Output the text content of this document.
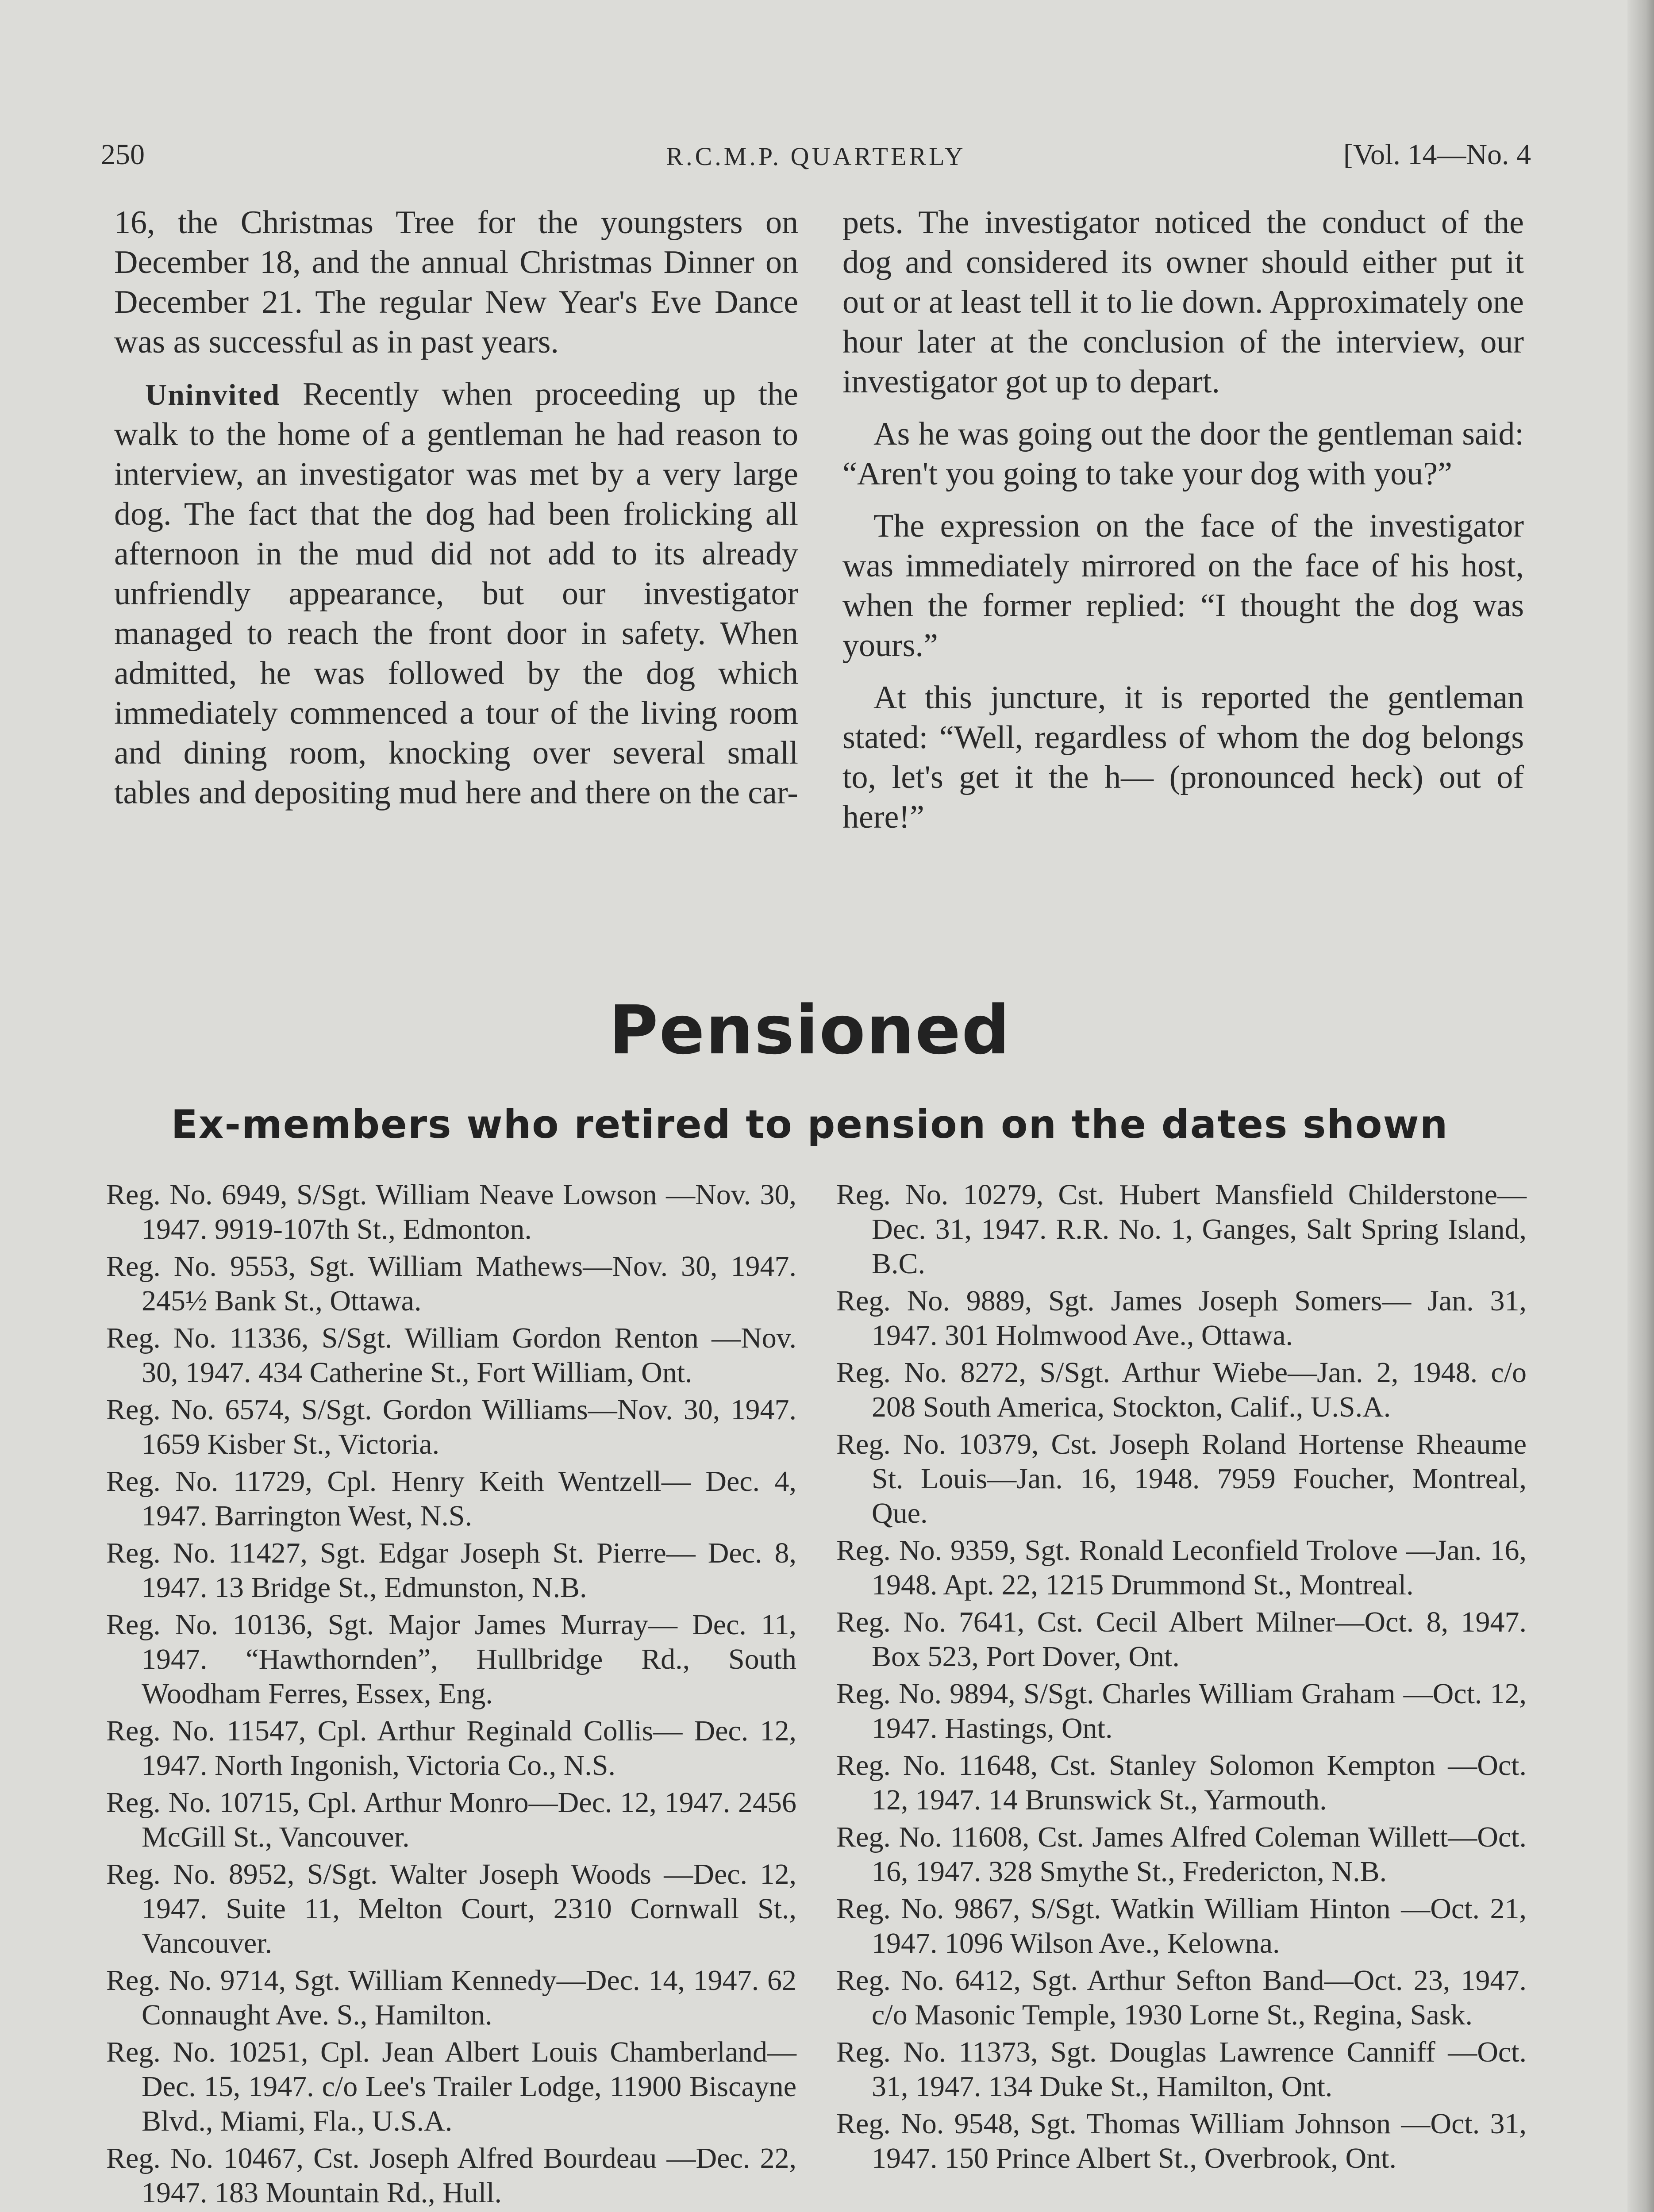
250	R.C.M.P. QUARTERLY	[Vol. 14—No. 4

16, the Christmas Tree for the youngsters on December 18, and the annual Christmas Dinner on December 21. The regular New Year's Eve Dance was as successful as in past years.

Uninvited Recently when proceeding up the walk to the home of a gentleman he had reason to interview, an investigator was met by a very large dog. The fact that the dog had been frolicking all afternoon in the mud did not add to its already unfriendly appearance, but our investigator managed to reach the front door in safety. When admitted, he was followed by the dog which immediately commenced a tour of the living room and dining room, knocking over several small tables and depositing mud here and there on the car-

pets. The investigator noticed the conduct of the dog and considered its owner should either put it out or at least tell it to lie down. Approximately one hour later at the conclusion of the interview, our investigator got up to depart.

As he was going out the door the gentleman said: “Aren't you going to take your dog with you?”

The expression on the face of the investigator was immediately mirrored on the face of his host, when the former replied: “I thought the dog was yours.”

At this juncture, it is reported the gentleman stated: “Well, regardless of whom the dog belongs to, let's get it the h— (pronounced heck) out of here!”

Pensioned
Ex-members who retired to pension on the dates shown
Reg. No. 6949, S/Sgt. William Neave Lowson —Nov. 30, 1947. 9919-107th St., Edmonton.
Reg. No. 9553, Sgt. William Mathews—Nov. 30, 1947. 245½ Bank St., Ottawa.
Reg. No. 11336, S/Sgt. William Gordon Renton —Nov. 30, 1947. 434 Catherine St., Fort William, Ont.
Reg. No. 6574, S/Sgt. Gordon Williams—Nov. 30, 1947. 1659 Kisber St., Victoria.
Reg. No. 11729, Cpl. Henry Keith Wentzell— Dec. 4, 1947. Barrington West, N.S.
Reg. No. 11427, Sgt. Edgar Joseph St. Pierre— Dec. 8, 1947. 13 Bridge St., Edmunston, N.B.
Reg. No. 10136, Sgt. Major James Murray— Dec. 11, 1947. “Hawthornden”, Hullbridge Rd., South Woodham Ferres, Essex, Eng.
Reg. No. 11547, Cpl. Arthur Reginald Collis— Dec. 12, 1947. North Ingonish, Victoria Co., N.S.
Reg. No. 10715, Cpl. Arthur Monro—Dec. 12, 1947. 2456 McGill St., Vancouver.
Reg. No. 8952, S/Sgt. Walter Joseph Woods —Dec. 12, 1947. Suite 11, Melton Court, 2310 Cornwall St., Vancouver.
Reg. No. 9714, Sgt. William Kennedy—Dec. 14, 1947. 62 Connaught Ave. S., Hamilton.
Reg. No. 10251, Cpl. Jean Albert Louis Chamberland—Dec. 15, 1947. c/o Lee's Trailer Lodge, 11900 Biscayne Blvd., Miami, Fla., U.S.A.
Reg. No. 10467, Cst. Joseph Alfred Bourdeau —Dec. 22, 1947. 183 Mountain Rd., Hull.
Reg. No. 10279, Cst. Hubert Mansfield Childerstone—Dec. 31, 1947. R.R. No. 1, Ganges, Salt Spring Island, B.C.
Reg. No. 9889, Sgt. James Joseph Somers— Jan. 31, 1947. 301 Holmwood Ave., Ottawa.
Reg. No. 8272, S/Sgt. Arthur Wiebe—Jan. 2, 1948. c/o 208 South America, Stockton, Calif., U.S.A.
Reg. No. 10379, Cst. Joseph Roland Hortense Rheaume St. Louis—Jan. 16, 1948. 7959 Foucher, Montreal, Que.
Reg. No. 9359, Sgt. Ronald Leconfield Trolove —Jan. 16, 1948. Apt. 22, 1215 Drummond St., Montreal.
Reg. No. 7641, Cst. Cecil Albert Milner—Oct. 8, 1947. Box 523, Port Dover, Ont.
Reg. No. 9894, S/Sgt. Charles William Graham —Oct. 12, 1947. Hastings, Ont.
Reg. No. 11648, Cst. Stanley Solomon Kempton —Oct. 12, 1947. 14 Brunswick St., Yarmouth.
Reg. No. 11608, Cst. James Alfred Coleman Willett—Oct. 16, 1947. 328 Smythe St., Fredericton, N.B.
Reg. No. 9867, S/Sgt. Watkin William Hinton —Oct. 21, 1947. 1096 Wilson Ave., Kelowna.
Reg. No. 6412, Sgt. Arthur Sefton Band—Oct. 23, 1947. c/o Masonic Temple, 1930 Lorne St., Regina, Sask.
Reg. No. 11373, Sgt. Douglas Lawrence Canniff —Oct. 31, 1947. 134 Duke St., Hamilton, Ont.
Reg. No. 9548, Sgt. Thomas William Johnson —Oct. 31, 1947. 150 Prince Albert St., Overbrook, Ont.
